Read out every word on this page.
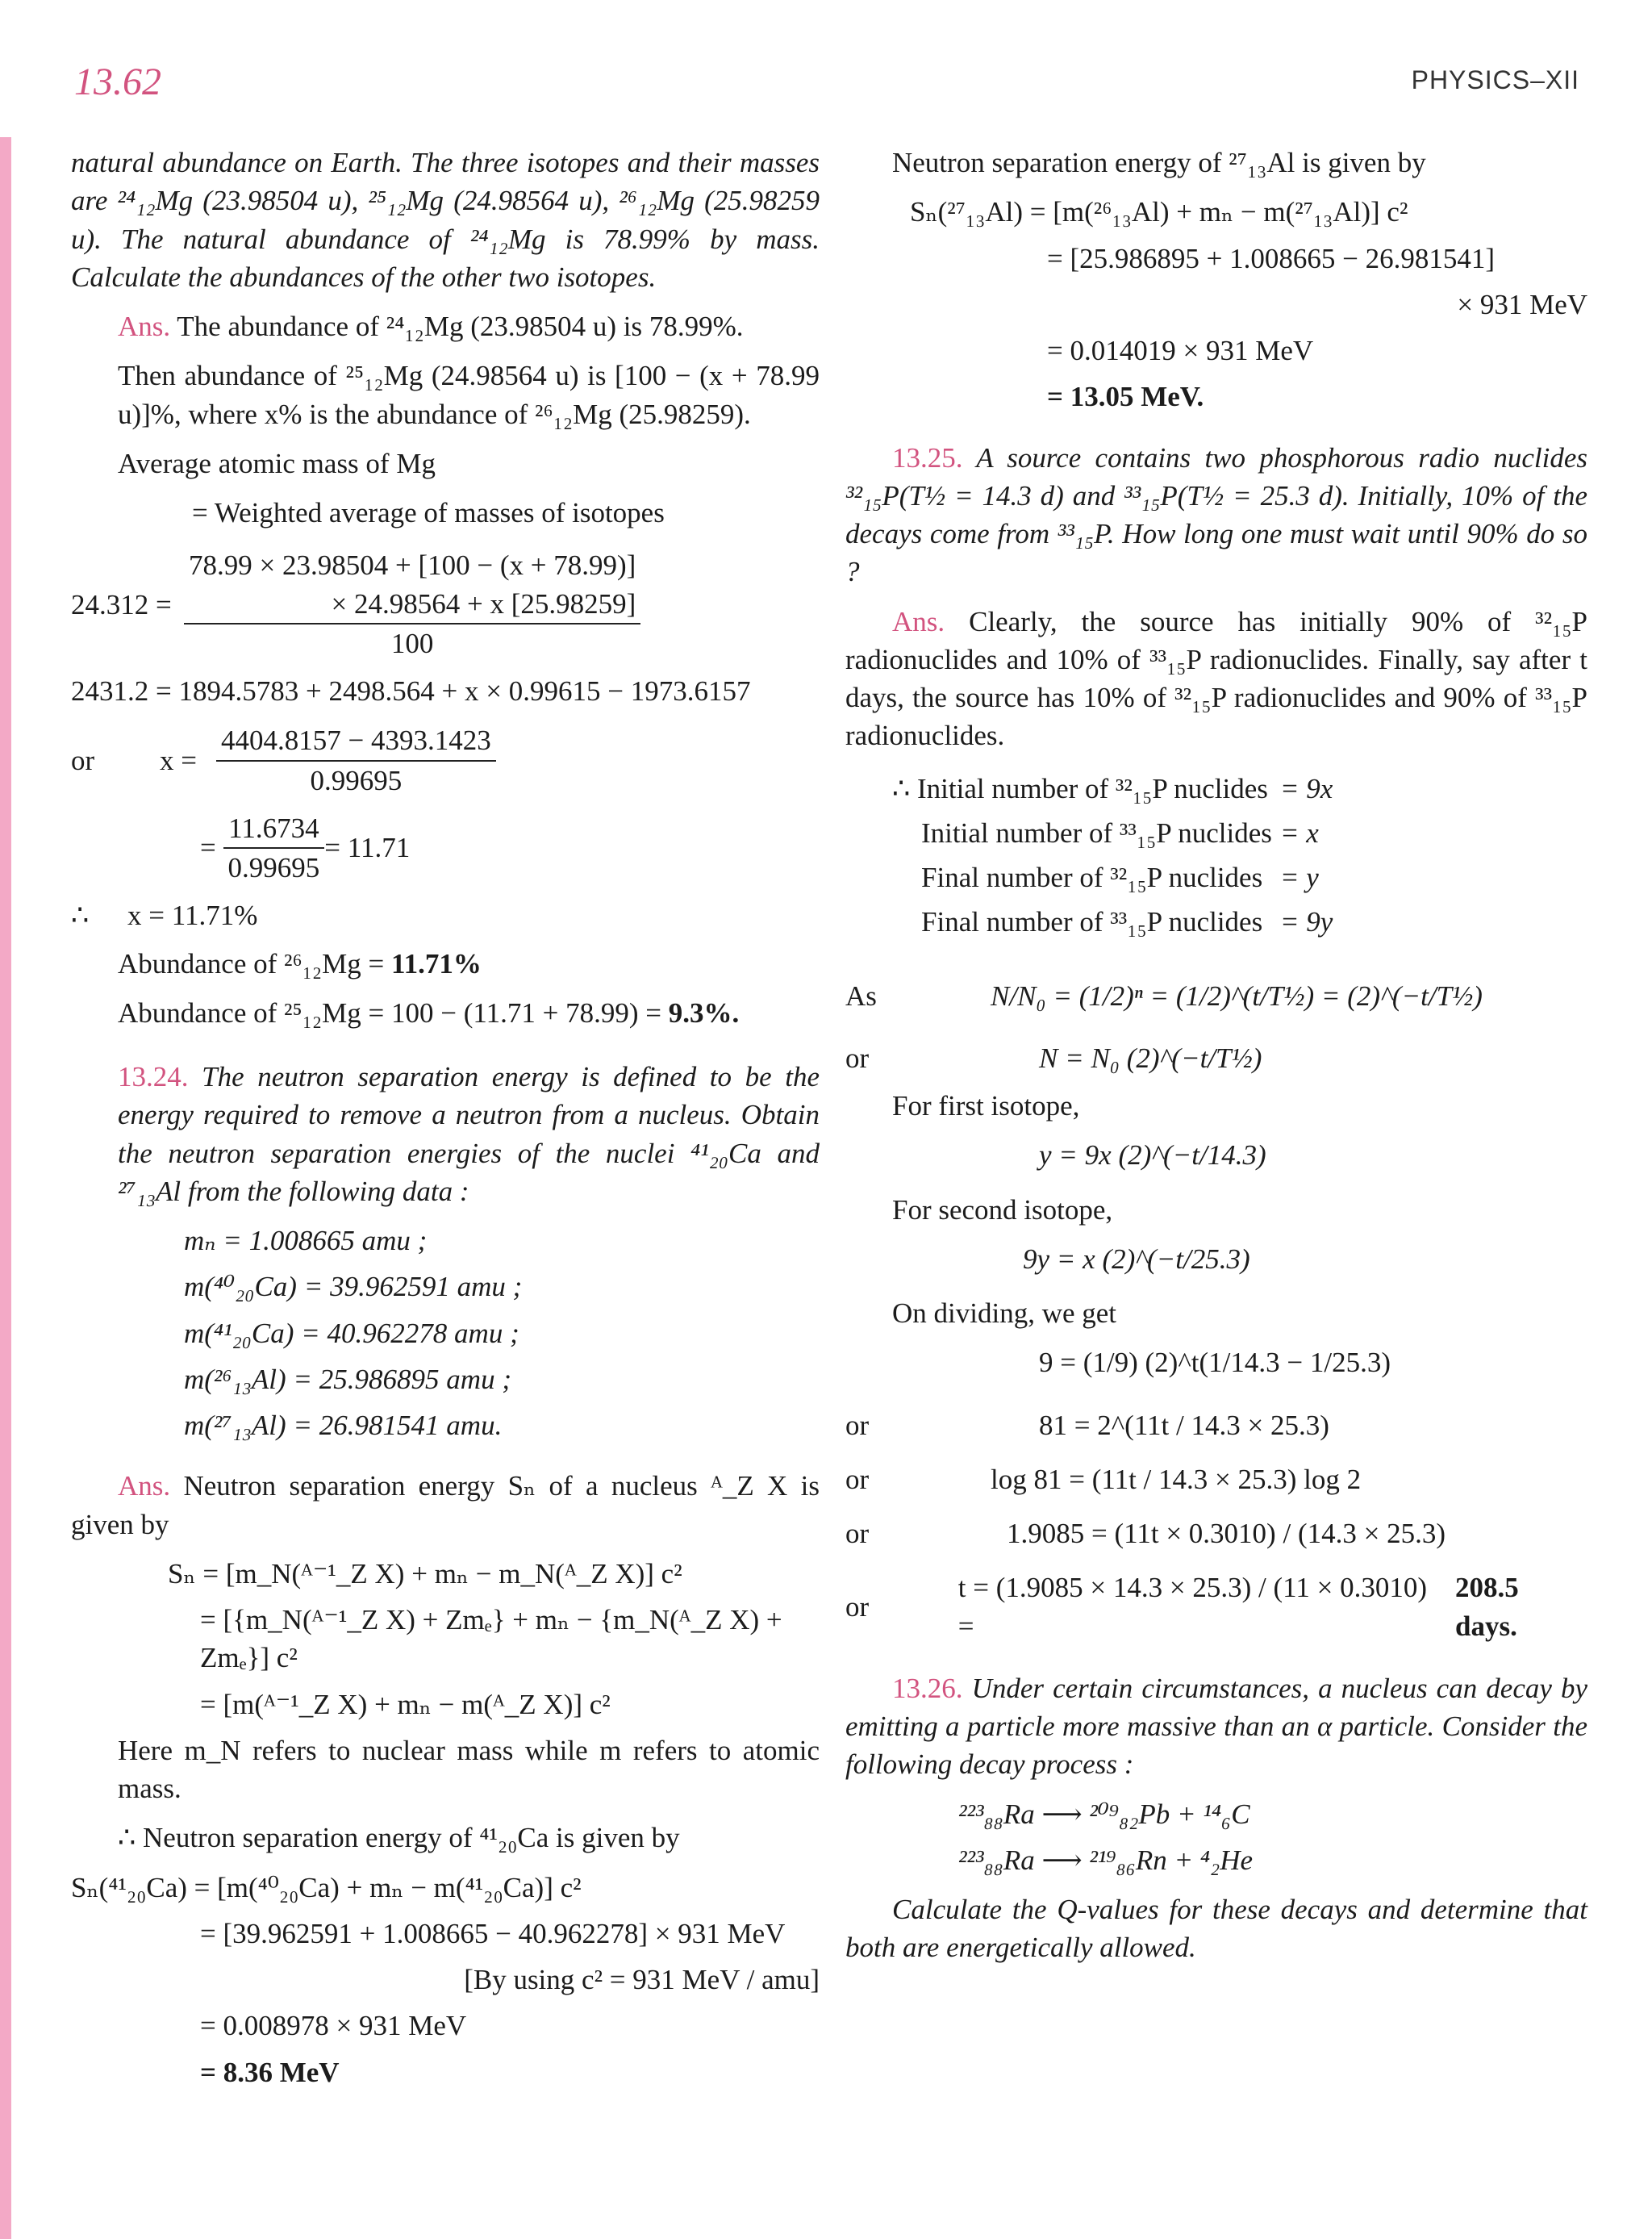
13.62	PHYSICS–XII

natural abundance on Earth. The three isotopes and their masses are ²⁴₁₂Mg (23.98504 u), ²⁵₁₂Mg (24.98564 u), ²⁶₁₂Mg (25.98259 u). The natural abundance of ²⁴₁₂Mg is 78.99% by mass. Calculate the abundances of the other two isotopes.

Ans. The abundance of ²⁴₁₂Mg (23.98504 u) is 78.99%.

Then abundance of ²⁵₁₂Mg (24.98564 u) is [100 − (x + 78.99 u)]%, where x% is the abundance of ²⁶₁₂Mg (25.98259).

Average atomic mass of Mg

= Weighted average of masses of isotopes

24.312 =
78.99 × 23.98504 + [100 − (x + 78.99)]
× 24.98564 + x [25.98259]
100

2431.2 = 1894.5783 + 2498.564 + x × 0.99615 − 1973.6157

or	$x = \frac{4404.8157 - 4393.1423}{0.99695}$
= $\frac{11.6734}{0.99695} = 11.71$
∴	x = 11.71%

Abundance of ²⁶₁₂Mg = 11.71%

Abundance of ²⁵₁₂Mg = 100 − (11.71 + 78.99) = 9.3%.

13.24. The neutron separation energy is defined to be the energy required to remove a neutron from a nucleus. Obtain the neutron separation energies of the nuclei ⁴¹₂₀Ca and ²⁷₁₃Al from the following data :

mₙ = 1.008665 amu ;
m(⁴⁰₂₀Ca) = 39.962591 amu ;
m(⁴¹₂₀Ca) = 40.962278 amu ;
m(²⁶₁₃Al) = 25.986895 amu ;
m(²⁷₁₃Al) = 26.981541 amu.

Ans. Neutron separation energy Sₙ of a nucleus ᴬ_Z X is given by

Sₙ = [m_N(ᴬ⁻¹_Z X) + mₙ − m_N(ᴬ_Z X)] c²
= [{m_N(ᴬ⁻¹_Z X) + Zmₑ} + mₙ − {m_N(ᴬ_Z X) + Zmₑ}] c²
= [m(ᴬ⁻¹_Z X) + mₙ − m(ᴬ_Z X)] c²

Here m_N refers to nuclear mass while m refers to atomic mass.

∴ Neutron separation energy of ⁴¹₂₀Ca is given by

Sₙ(⁴¹₂₀Ca) = [m(⁴⁰₂₀Ca) + mₙ − m(⁴¹₂₀Ca)] c²
= [39.962591 + 1.008665 − 40.962278] × 931 MeV
[By using c² = 931 MeV / amu]
= 0.008978 × 931 MeV
= 8.36 MeV

Neutron separation energy of ²⁷₁₃Al is given by

Sₙ(²⁷₁₃Al) = [m(²⁶₁₃Al) + mₙ − m(²⁷₁₃Al)] c²
= [25.986895 + 1.008665 − 26.981541]
× 931 MeV
= 0.014019 × 931 MeV
= 13.05 MeV.

13.25. A source contains two phosphorous radio nuclides ³²₁₅P(T½ = 14.3 d) and ³³₁₅P(T½ = 25.3 d). Initially, 10% of the decays come from ³³₁₅P. How long one must wait until 90% do so ?

Ans. Clearly, the source has initially 90% of ³²₁₅P radionuclides and 10% of ³³₁₅P radionuclides. Finally, say after t days, the source has 10% of ³²₁₅P radionuclides and 90% of ³³₁₅P radionuclides.

∴ Initial number of ³²₁₅P nuclides	= 9x
Initial number of ³³₁₅P nuclides	= x
Final number of ³²₁₅P nuclides	= y
Final number of ³³₁₅P nuclides	= 9y
As	N/N₀ = (1/2)ⁿ = (1/2)^(t/T½) = (2)^(−t/T½)
or	N = N₀ (2)^(−t/T½)

For first isotope,

y = 9x (2)^(−t/14.3)

For second isotope,

9y = x (2)^(−t/25.3)

On dividing, we get

9 = (1/9) (2)^t(1/14.3 − 1/25.3)
or	81 = 2^(11t / 14.3 × 25.3)
or	log 81 = (11t / 14.3 × 25.3) log 2
or	1.9085 = (11t × 0.3010) / (14.3 × 25.3)
or
t = (1.9085 × 14.3 × 25.3) / (11 × 0.3010) =
208.5 days.

13.26. Under certain circumstances, a nucleus can decay by emitting a particle more massive than an α particle. Consider the following decay process :

²²³₈₈Ra ⟶ ²⁰⁹₈₂Pb + ¹⁴₆C
²²³₈₈Ra ⟶ ²¹⁹₈₆Rn + ⁴₂He

Calculate the Q-values for these decays and determine that both are energetically allowed.
